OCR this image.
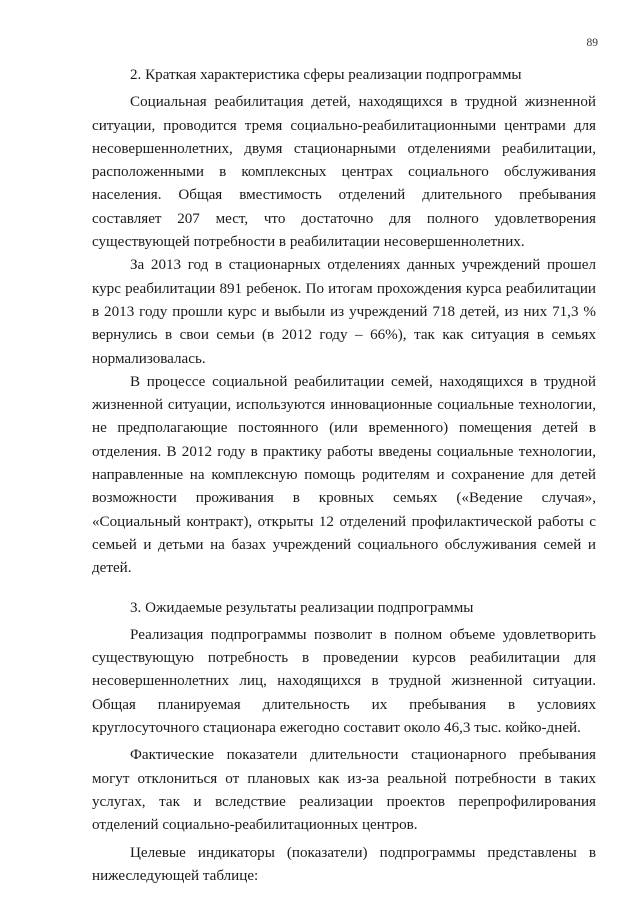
89

2. Краткая характеристика сферы реализации подпрограммы

Социальная реабилитация детей, находящихся в трудной жизненной ситуации, проводится тремя социально-реабилитационными центрами для несовершеннолетних, двумя стационарными отделениями реабилитации, расположенными в комплексных центрах социального обслуживания населения. Общая вместимость отделений длительного пребывания составляет 207 мест, что достаточно для полного удовлетворения существующей потребности в реабилитации несовершеннолетних.

За 2013 год в стационарных отделениях данных учреждений прошел курс реабилитации 891 ребенок. По итогам прохождения курса реабилитации в 2013 году прошли курс и выбыли из учреждений 718 детей, из них 71,3 % вернулись в свои семьи (в 2012 году – 66%), так как ситуация в семьях нормализовалась.

В процессе социальной реабилитации семей, находящихся в трудной жизненной ситуации, используются инновационные социальные технологии, не предполагающие постоянного (или временного) помещения детей в отделения. В 2012 году в практику работы введены социальные технологии, направленные на комплексную помощь родителям и сохранение для детей возможности проживания в кровных семьях («Ведение случая», «Социальный контракт), открыты 12 отделений профилактической работы с семьей и детьми на базах учреждений социального обслуживания семей и детей.

3. Ожидаемые результаты реализации подпрограммы

Реализация подпрограммы позволит в полном объеме удовлетворить существующую потребность в проведении курсов реабилитации для несовершеннолетних лиц, находящихся в трудной жизненной ситуации. Общая планируемая длительность их пребывания в условиях круглосуточного стационара ежегодно составит около 46,3 тыс. койко-дней.

Фактические показатели длительности стационарного пребывания могут отклониться от плановых как из-за реальной потребности в таких услугах, так и вследствие реализации проектов перепрофилирования отделений социально-реабилитационных центров.

Целевые индикаторы (показатели) подпрограммы представлены в нижеследующей таблице:
